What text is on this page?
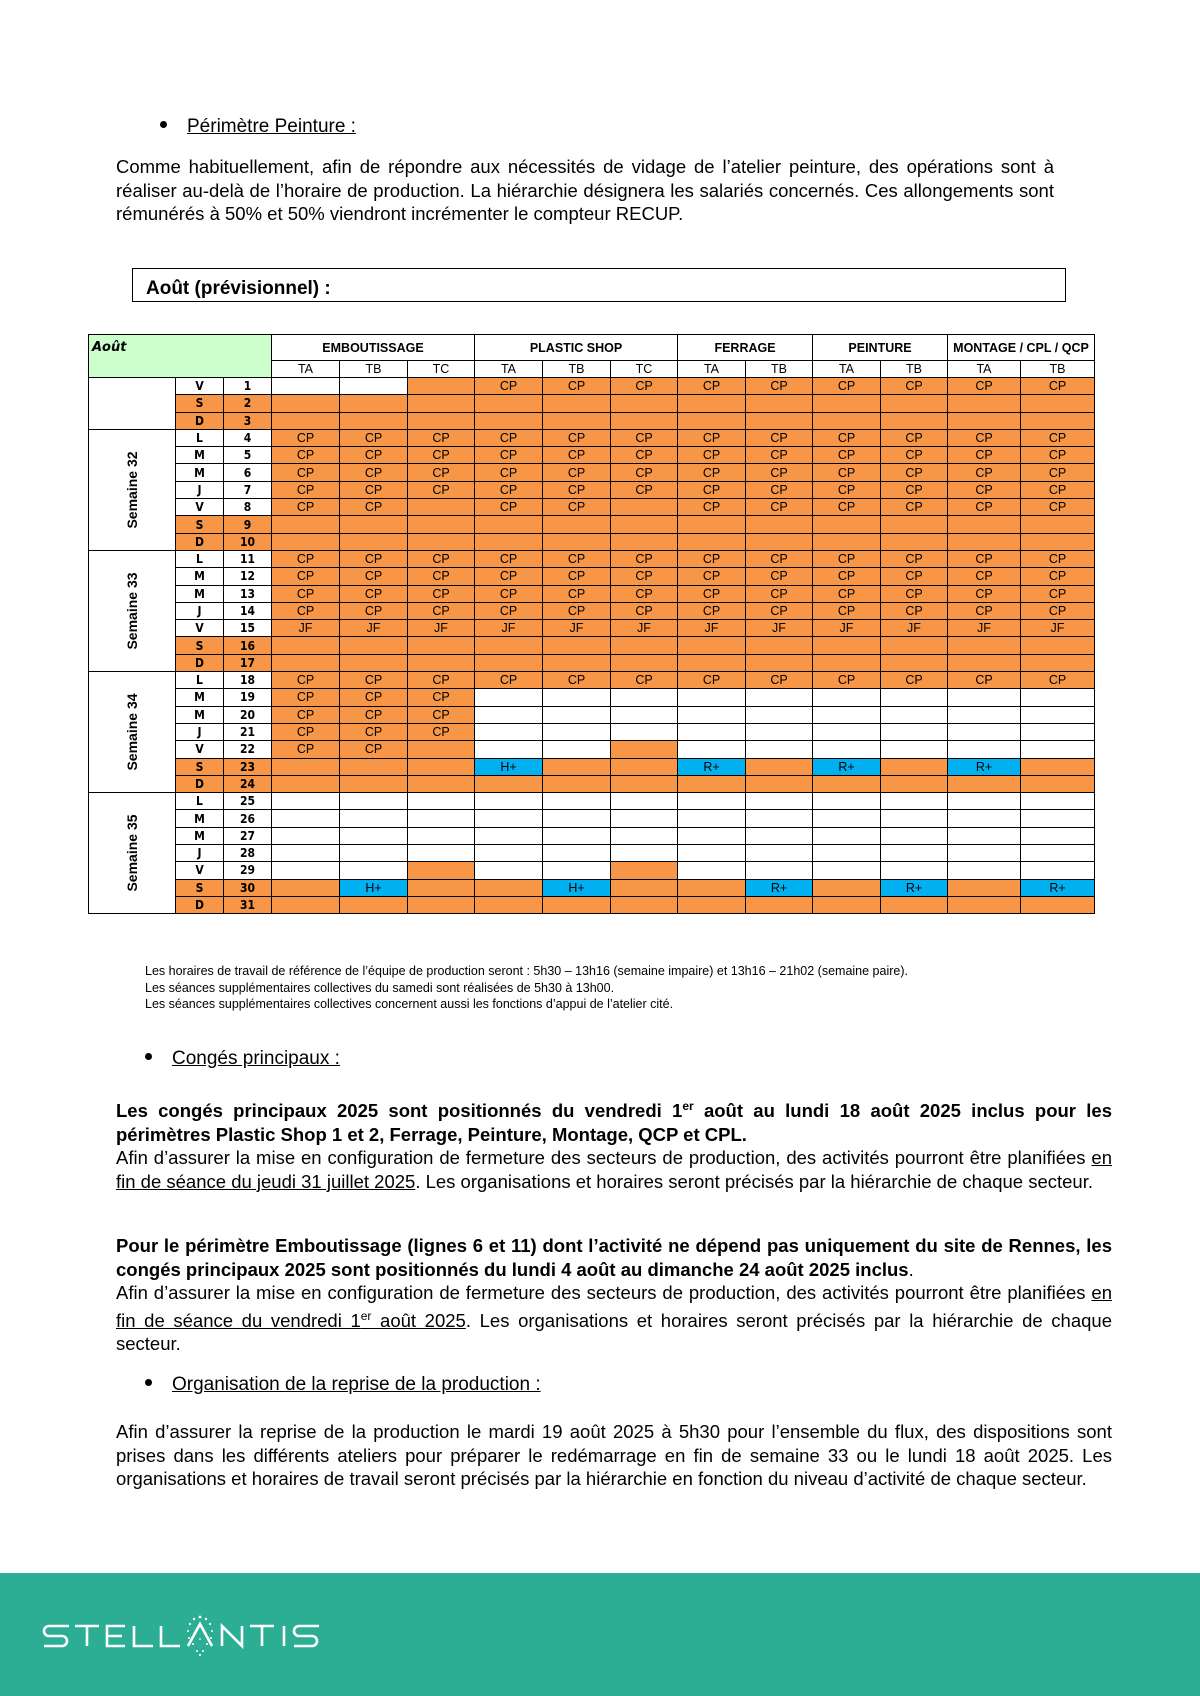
Périmètre Peinture :
Comme habituellement, afin de répondre aux nécessités de vidage de l’atelier peinture, des opérations sont à réaliser au-delà de l’horaire de production. La hiérarchie désignera les salariés concernés. Ces allongements sont rémunérés à 50% et 50% viendront incrémenter le compteur RECUP.
Août (prévisionnel) :
Août			EMBOUTISSAGE			PLASTIC SHOP			FERRAGE		PEINTURE		MONTAGE / CPL / QCP	
			TA	TB	TC	TA	TB	TC	TA	TB	TA	TB	TA	TB
	V	1				CP	CP	CP	CP	CP	CP	CP	CP	CP
	S	2												
	D	3												

Semaine 32	L	4	CP	CP	CP	CP	CP	CP	CP	CP	CP	CP	CP	CP
	M	5	CP	CP	CP	CP	CP	CP	CP	CP	CP	CP	CP	CP
	M	6	CP	CP	CP	CP	CP	CP	CP	CP	CP	CP	CP	CP
	J	7	CP	CP	CP	CP	CP	CP	CP	CP	CP	CP	CP	CP
	V	8	CP	CP		CP	CP		CP	CP	CP	CP	CP	CP
	S	9												
	D	10												

Semaine 33	L	11	CP	CP	CP	CP	CP	CP	CP	CP	CP	CP	CP	CP
	M	12	CP	CP	CP	CP	CP	CP	CP	CP	CP	CP	CP	CP
	M	13	CP	CP	CP	CP	CP	CP	CP	CP	CP	CP	CP	CP
	J	14	CP	CP	CP	CP	CP	CP	CP	CP	CP	CP	CP	CP
	V	15	JF	JF	JF	JF	JF	JF	JF	JF	JF	JF	JF	JF
	S	16												
	D	17												

Semaine 34	L	18	CP	CP	CP	CP	CP	CP	CP	CP	CP	CP	CP	CP
	M	19	CP	CP	CP									
	M	20	CP	CP	CP									
	J	21	CP	CP	CP									
	V	22	CP	CP										
	S	23				H+			R+		R+		R+	
	D	24												

Semaine 35	L	25												
	M	26												
	M	27												
	J	28												
	V	29												
	S	30		H+			H+			R+		R+		R+
	D	31												
Les horaires de travail de référence de l’équipe de production seront : 5h30 – 13h16 (semaine impaire) et 13h16 – 21h02 (semaine paire).
Les séances supplémentaires collectives du samedi sont réalisées de 5h30 à 13h00.
Les séances supplémentaires collectives concernent aussi les fonctions d’appui de l’atelier cité.
Congés principaux :
Les congés principaux 2025 sont positionnés du vendredi 1er août au lundi 18 août 2025 inclus pour les périmètres Plastic Shop 1 et 2, Ferrage, Peinture, Montage, QCP et CPL.
Afin d’assurer la mise en configuration de fermeture des secteurs de production, des activités pourront être planifiées en fin de séance du jeudi 31 juillet 2025. Les organisations et horaires seront précisés par la hiérarchie de chaque secteur.
Pour le périmètre Emboutissage (lignes 6 et 11) dont l’activité ne dépend pas uniquement du site de Rennes, les congés principaux 2025 sont positionnés du lundi 4 août au dimanche 24 août 2025 inclus.
Afin d’assurer la mise en configuration de fermeture des secteurs de production, des activités pourront être planifiées en fin de séance du vendredi 1er août 2025. Les organisations et horaires seront précisés par la hiérarchie de chaque secteur.
Organisation de la reprise de la production :
Afin d’assurer la reprise de la production le mardi 19 août 2025 à 5h30 pour l’ensemble du flux, des dispositions sont prises dans les différents ateliers pour préparer le redémarrage en fin de semaine 33 ou le lundi 18 août 2025. Les organisations et horaires de travail seront précisés par la hiérarchie en fonction du niveau d’activité de chaque secteur.
STELLANTIS
